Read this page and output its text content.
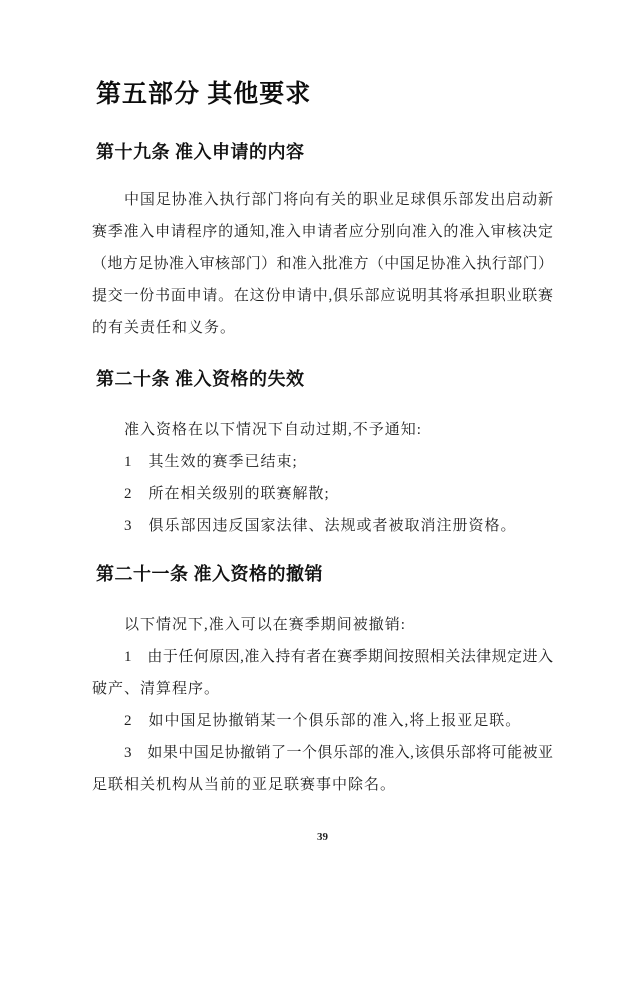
第五部分 其他要求
第十九条 准入申请的内容
中国足协准入执行部门将向有关的职业足球俱乐部发出启动新
赛季准入申请程序的通知,准入申请者应分别向准入的准入审核决定
（地方足协准入审核部门）和准入批准方（中国足协准入执行部门）
提交一份书面申请。在这份申请中,俱乐部应说明其将承担职业联赛
的有关责任和义务。
第二十条 准入资格的失效
准入资格在以下情况下自动过期,不予通知:
1　其生效的赛季已结束;
2　所在相关级别的联赛解散;
3　俱乐部因违反国家法律、法规或者被取消注册资格。
第二十一条 准入资格的撤销
以下情况下,准入可以在赛季期间被撤销:
1　由于任何原因,准入持有者在赛季期间按照相关法律规定进入
破产、清算程序。
2　如中国足协撤销某一个俱乐部的准入,将上报亚足联。
3　如果中国足协撤销了一个俱乐部的准入,该俱乐部将可能被亚
足联相关机构从当前的亚足联赛事中除名。
39
